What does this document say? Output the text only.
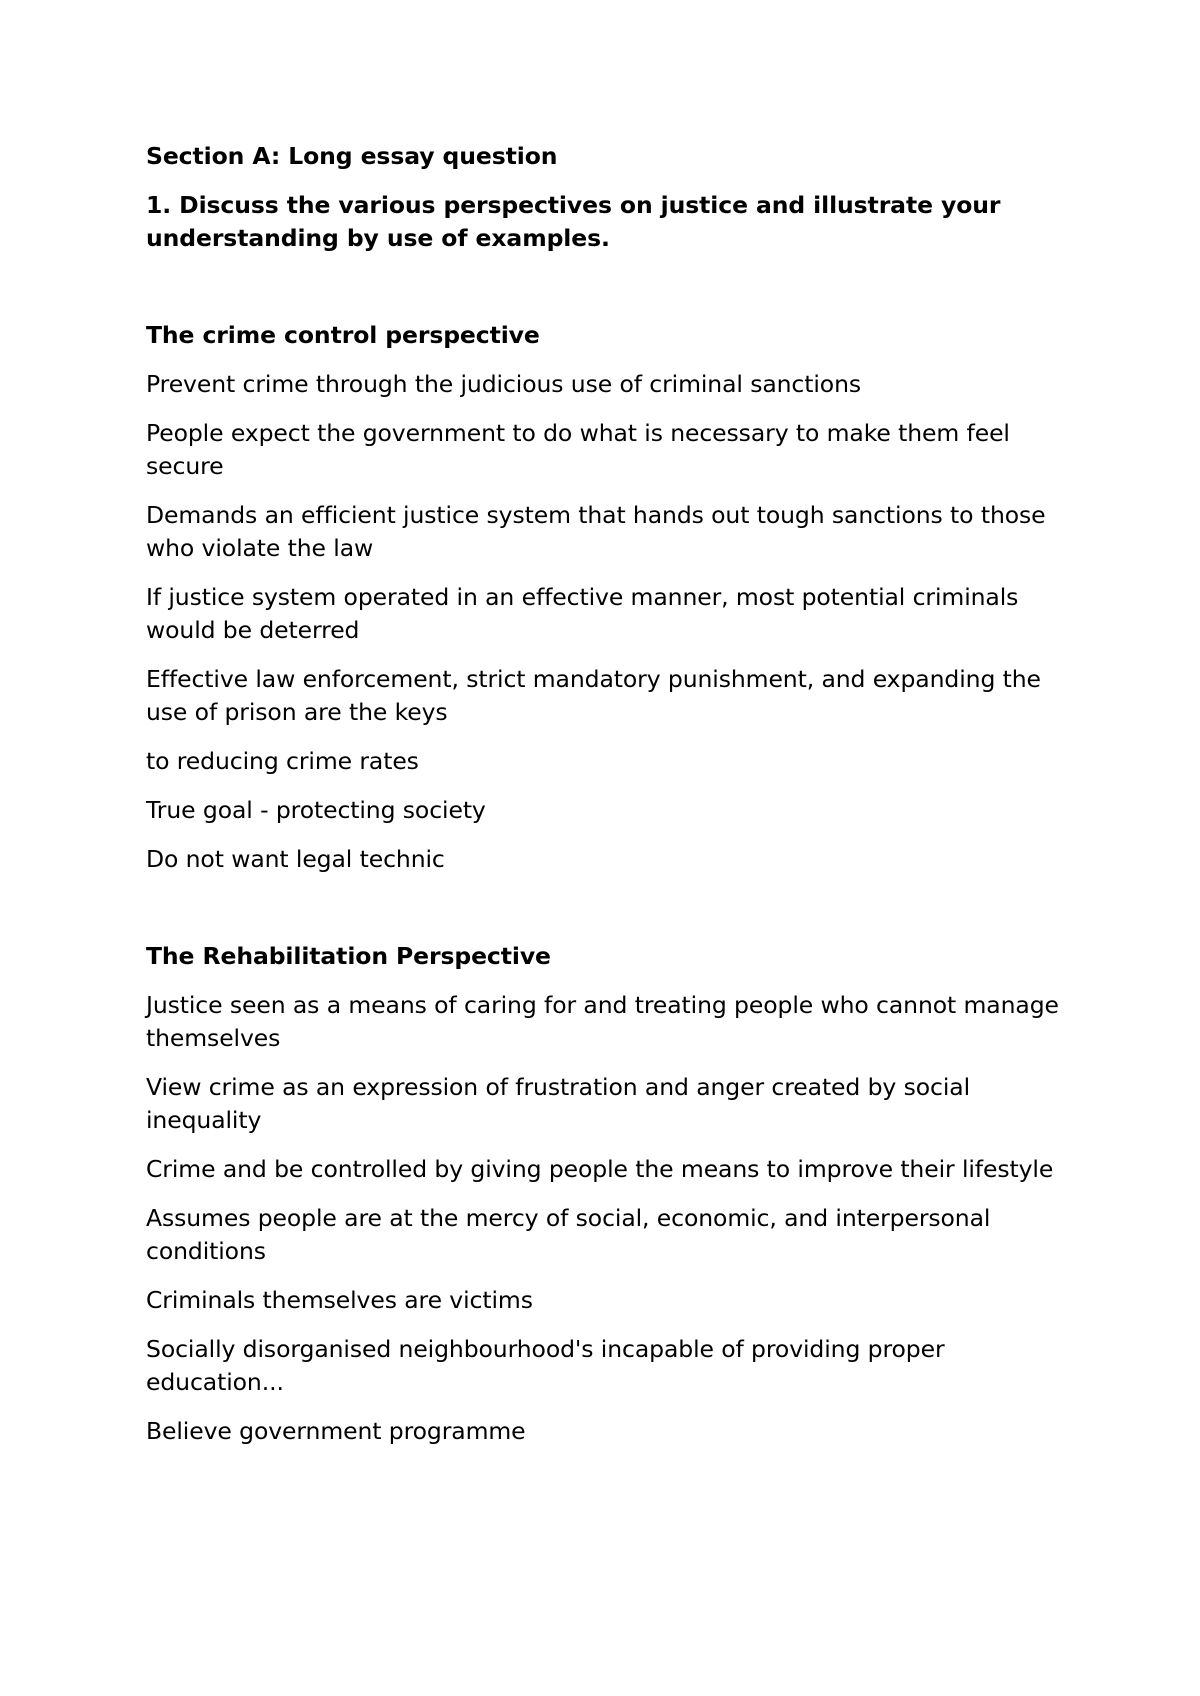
Section A: Long essay question

1. Discuss the various perspectives on justice and illustrate your understanding by use of examples.

The crime control perspective

Prevent crime through the judicious use of criminal sanctions

People expect the government to do what is necessary to make them feel secure

Demands an efficient justice system that hands out tough sanctions to those who violate the law

If justice system operated in an effective manner, most potential criminals would be deterred

Effective law enforcement, strict mandatory punishment, and expanding the use of prison are the keys

to reducing crime rates

True goal - protecting society

Do not want legal technic

The Rehabilitation Perspective

Justice seen as a means of caring for and treating people who cannot manage themselves

View crime as an expression of frustration and anger created by social inequality

Crime and be controlled by giving people the means to improve their lifestyle

Assumes people are at the mercy of social, economic, and interpersonal conditions

Criminals themselves are victims

Socially disorganised neighbourhood's incapable of providing proper education...

Believe government programme
